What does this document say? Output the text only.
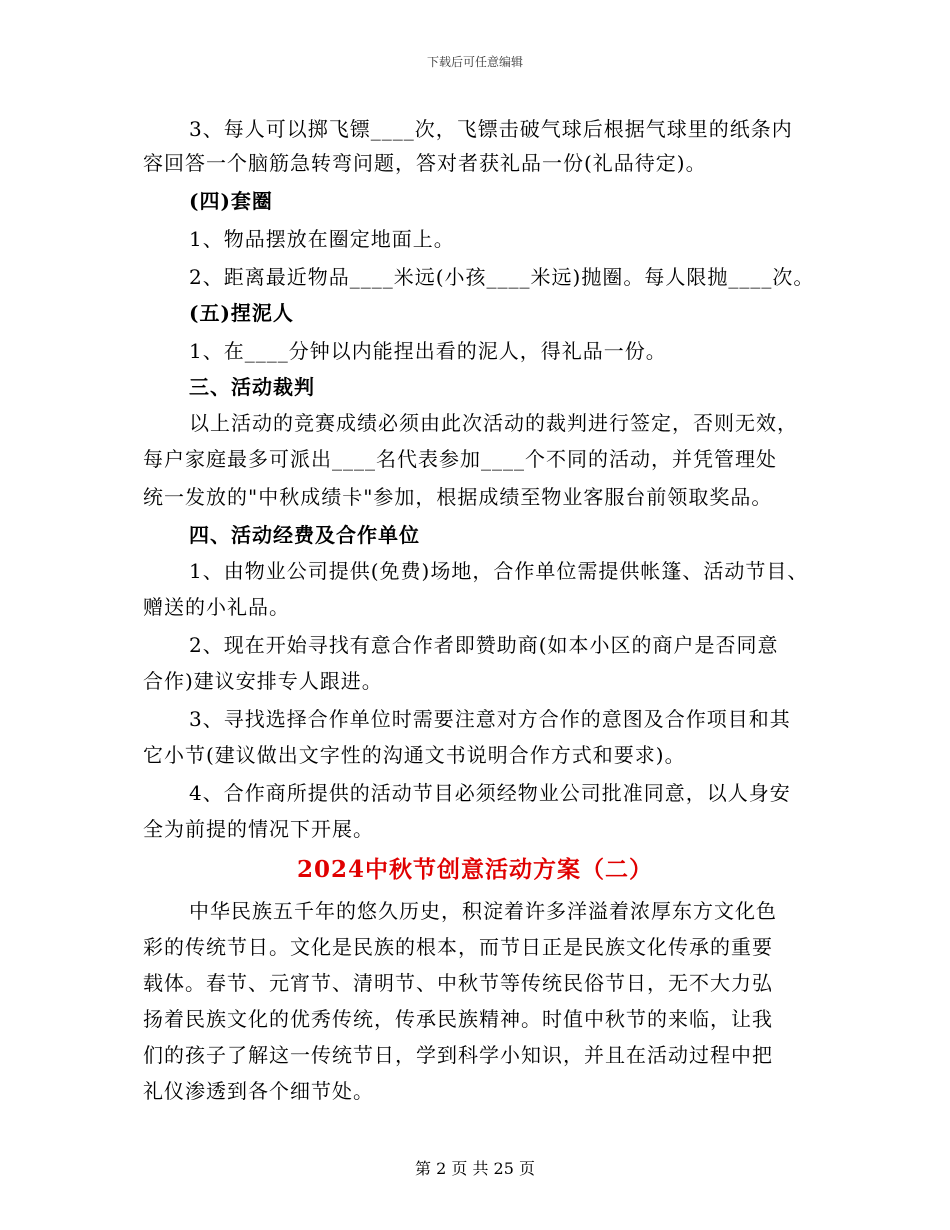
下载后可任意编辑
3、每人可以掷飞镖____次，飞镖击破气球后根据气球里的纸条内
容回答一个脑筋急转弯问题，答对者获礼品一份(礼品待定)。
(四)套圈
1、物品摆放在圈定地面上。
2、距离最近物品____米远(小孩____米远)抛圈。每人限抛____次。
(五)捏泥人
1、在____分钟以内能捏出看的泥人，得礼品一份。
三、活动裁判
以上活动的竞赛成绩必须由此次活动的裁判进行签定，否则无效，
每户家庭最多可派出____名代表参加____个不同的活动，并凭管理处
统一发放的"中秋成绩卡"参加，根据成绩至物业客服台前领取奖品。
四、活动经费及合作单位
1、由物业公司提供(免费)场地，合作单位需提供帐篷、活动节目、
赠送的小礼品。
2、现在开始寻找有意合作者即赞助商(如本小区的商户是否同意
合作)建议安排专人跟进。
3、寻找选择合作单位时需要注意对方合作的意图及合作项目和其
它小节(建议做出文字性的沟通文书说明合作方式和要求)。
4、合作商所提供的活动节目必须经物业公司批准同意，以人身安
全为前提的情况下开展。
2024中秋节创意活动方案（二）
中华民族五千年的悠久历史，积淀着许多洋溢着浓厚东方文化色
彩的传统节日。文化是民族的根本，而节日正是民族文化传承的重要
载体。春节、元宵节、清明节、中秋节等传统民俗节日，无不大力弘
扬着民族文化的优秀传统，传承民族精神。时值中秋节的来临，让我
们的孩子了解这一传统节日，学到科学小知识，并且在活动过程中把
礼仪渗透到各个细节处。
第 2 页 共 25 页
